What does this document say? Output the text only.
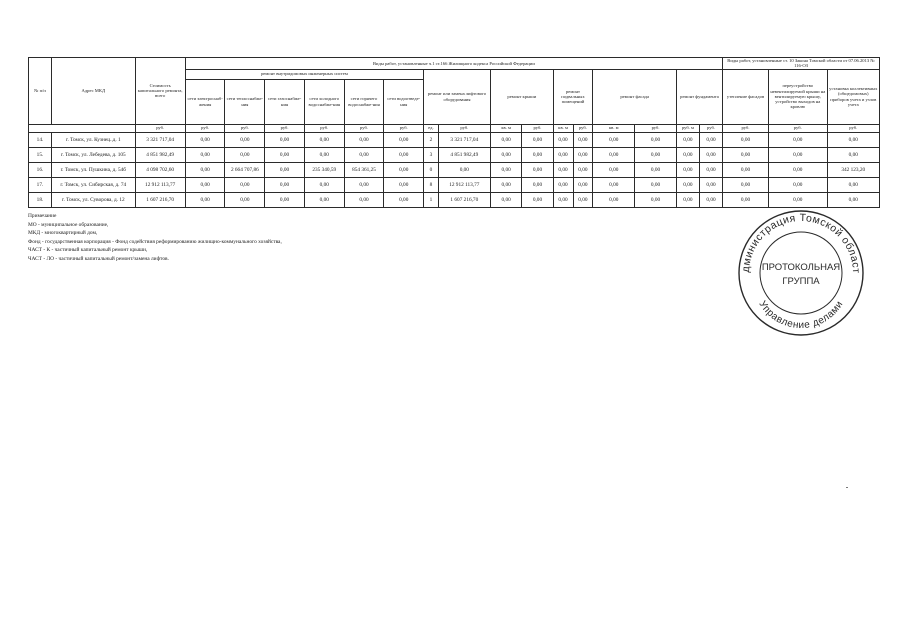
№ п/п	Адрес МКД	Стоимость капитального ремонта, всего	Виды работ, установленные ч.1 ст.166 Жилищного кодекса Российской Федерации																Виды работ, установленные ст. 10 Закона Томской области от 07.06.2013 № 116-ОЗ		
			ремонт внутридомовых инженерных систем						ремонт или замена лифтового оборудования		ремонт крыши		ремонт подвальных помещений		ремонт фасада		ремонт фундамента		утепление фасадов	переустройство невентилируемой крыши на вентилируемую крышу, устройство выходов на кровлю	установка коллективных (общедомовых) приборов учета и узлов учета
			сети электроснаб-жения	сети теплоснабже-ния	сети газоснабже-ния	сети холодного водоснабже-ния	сети горячего водоснабже-ния	сети водоотведе-ния													
		руб.	руб.	руб.	руб.	руб.	руб.	руб.	ед.	руб.	кв. м	руб.	кв. м	руб.	кв. м	руб.	руб. м	руб.	руб.	руб.	руб.
14.	г. Томск, ул. Кузнец..д. 1	3 321 717,04	0,00	0,00	0,00	0,00	0,00	0,00	2	3 321 717,04	0,00	0,00	0,00	0,00	0,00	0,00	0,00	0,00	0,00	0,00	0,00
15.	г. Томск, ул. Лебедева, д. 105	4 851 982,49	0,00	0,00	0,00	0,00	0,00	0,00	3	4 851 982,49	0,00	0,00	0,00	0,00	0,00	0,00	0,00	0,00	0,00	0,00	0,00
16.	г. Томск, ул. Пушкина, д. 54б	4 098 702,60	0,00	2 664 707,86	0,00	235 340,59	854 361,25	0,00	0	0,00	0,00	0,00	0,00	0,00	0,00	0,00	0,00	0,00	0,00	0,00	342 123,20
17.	г. Томск, ул. Сибирская, д. 74	12 912 113,77	0,00	0,00	0,00	0,00	0,00	0,00	8	12 912 113,77	0,00	0,00	0,00	0,00	0,00	0,00	0,00	0,00	0,00	0,00	0,00
18.	г. Томск, ул. Суворова, д. 12	1 607 216,70	0,00	0,00	0,00	0,00	0,00	0,00	1	1 607 216,70	0,00	0,00	0,00	0,00	0,00	0,00	0,00	0,00	0,00	0,00	0,00
Примечание
МО - муниципальное образование,
МКД - многоквартирный дом,
Фонд - государственная корпорация - Фонд содействия реформированию жилищно-коммунального хозяйства,
ЧАСТ - К - частичный капитальный ремонт крыши,
ЧАСТ - ЛО - частичный капитальный ремонт/замена лифтов.
дминистрация Томской област
Управление делами
ПРОТОКОЛЬНАЯ
ГРУППА
